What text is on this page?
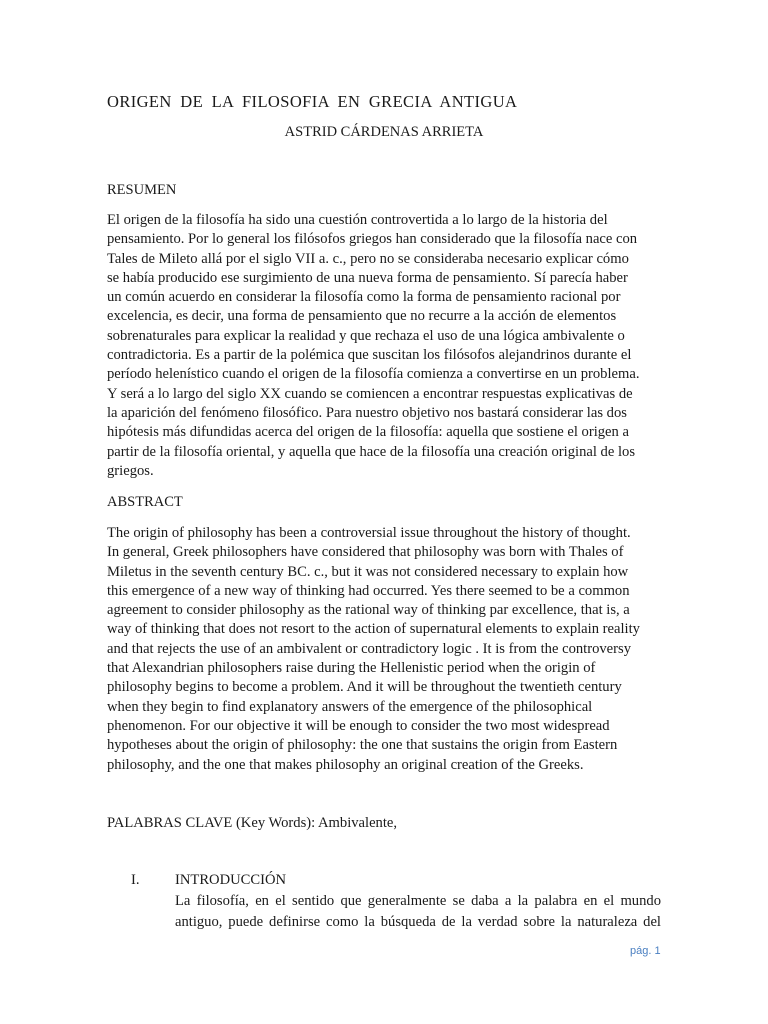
ORIGEN DE LA FILOSOFIA EN GRECIA ANTIGUA
ASTRID CÁRDENAS ARRIETA
RESUMEN
El origen de la filosofía ha sido una cuestión controvertida a lo largo de la historia del
pensamiento. Por lo general los filósofos griegos han considerado que la filosofía nace con
Tales de Mileto allá por el siglo VII a. c., pero no se consideraba necesario explicar cómo
se había producido ese surgimiento de una nueva forma de pensamiento. Sí parecía haber
un común acuerdo en considerar la filosofía como la forma de pensamiento racional por
excelencia, es decir, una forma de pensamiento que no recurre a la acción de elementos
sobrenaturales para explicar la realidad y que rechaza el uso de una lógica ambivalente o
contradictoria. Es a partir de la polémica que suscitan los filósofos alejandrinos durante el
período helenístico cuando el origen de la filosofía comienza a convertirse en un problema.
Y será a lo largo del siglo XX cuando se comiencen a encontrar respuestas explicativas de
la aparición del fenómeno filosófico. Para nuestro objetivo nos bastará considerar las dos
hipótesis más difundidas acerca del origen de la filosofía: aquella que sostiene el origen a
partir de la filosofía oriental, y aquella que hace de la filosofía una creación original de los
griegos.
ABSTRACT
The origin of philosophy has been a controversial issue throughout the history of thought.
In general, Greek philosophers have considered that philosophy was born with Thales of
Miletus in the seventh century BC. c., but it was not considered necessary to explain how
this emergence of a new way of thinking had occurred. Yes there seemed to be a common
agreement to consider philosophy as the rational way of thinking par excellence, that is, a
way of thinking that does not resort to the action of supernatural elements to explain reality
and that rejects the use of an ambivalent or contradictory logic . It is from the controversy
that Alexandrian philosophers raise during the Hellenistic period when the origin of
philosophy begins to become a problem. And it will be throughout the twentieth century
when they begin to find explanatory answers of the emergence of the philosophical
phenomenon. For our objective it will be enough to consider the two most widespread
hypotheses about the origin of philosophy: the one that sustains the origin from Eastern
philosophy, and the one that makes philosophy an original creation of the Greeks.
PALABRAS CLAVE (Key Words): Ambivalente,
I. INTRODUCCIÓN
La filosofía, en el sentido que generalmente se daba a la palabra en el mundo
antiguo, puede definirse como la búsqueda de la verdad sobre la naturaleza del
pág. 1
